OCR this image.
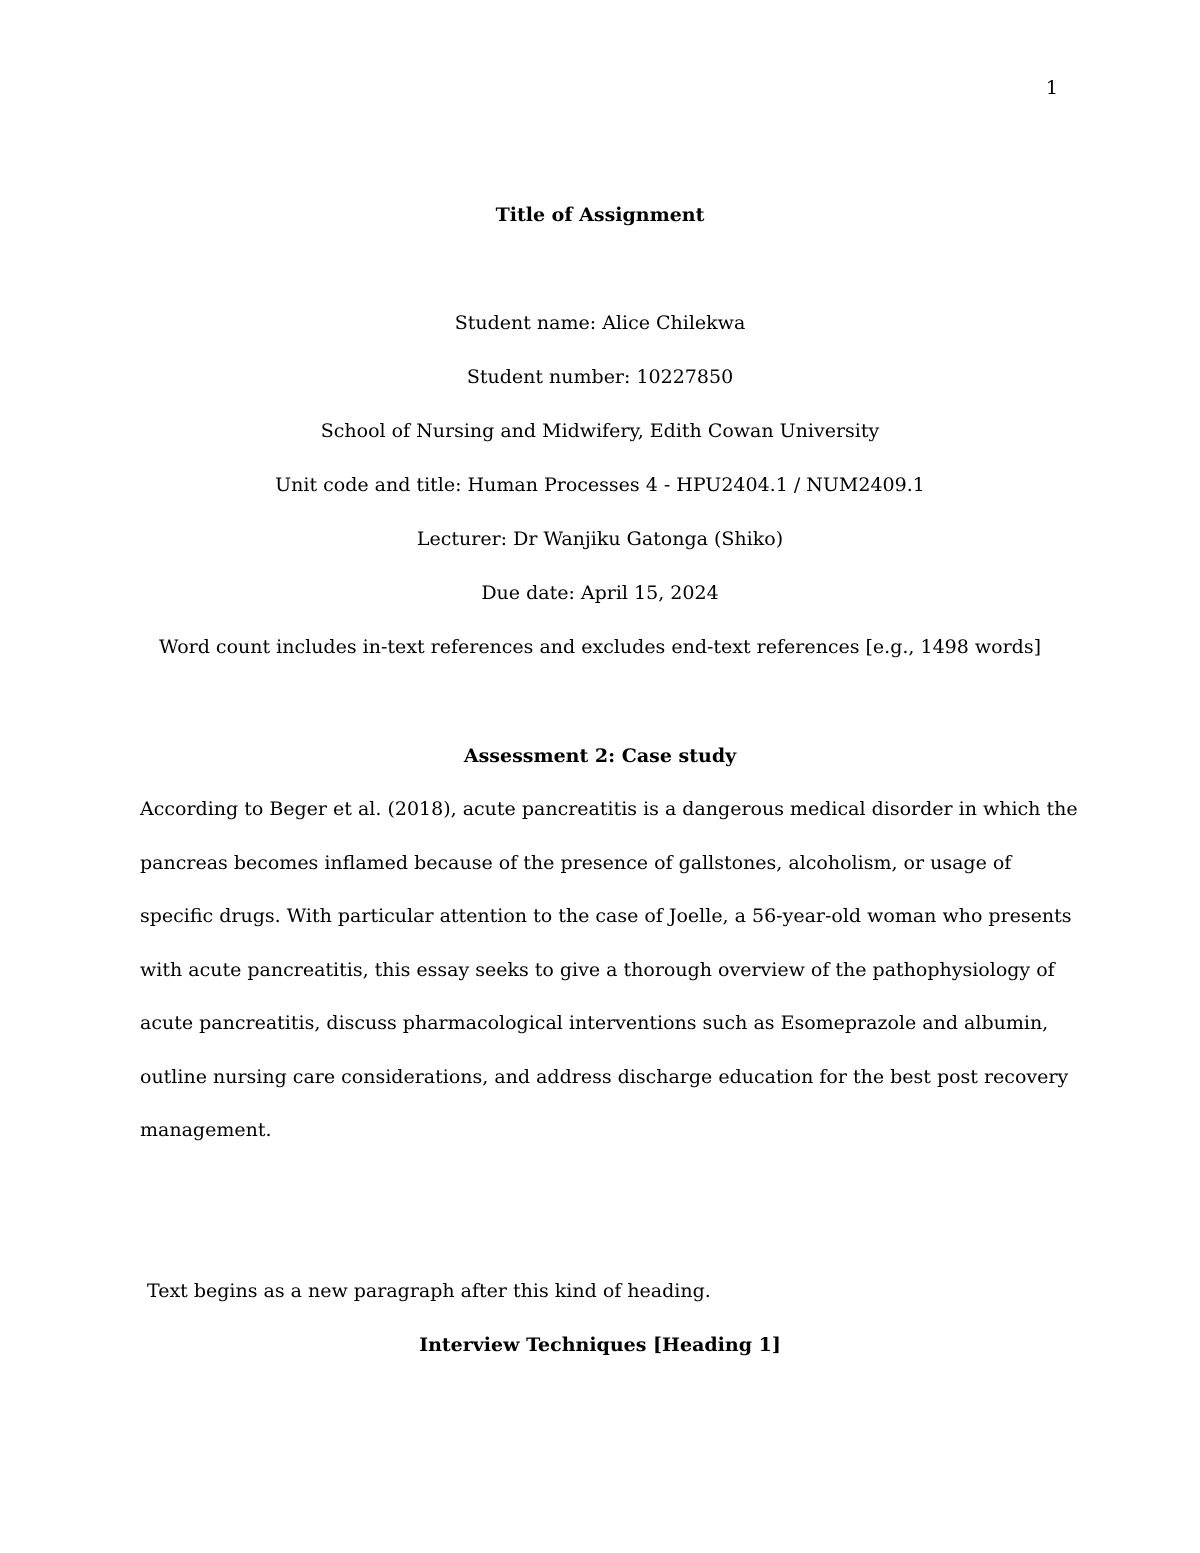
1
Title of Assignment
Student name: Alice Chilekwa
Student number: 10227850
School of Nursing and Midwifery, Edith Cowan University
Unit code and title: Human Processes 4 - HPU2404.1 / NUM2409.1
Lecturer: Dr Wanjiku Gatonga (Shiko)
Due date: April 15, 2024
Word count includes in-text references and excludes end-text references [e.g., 1498 words]
Assessment 2: Case study
According to Beger et al. (2018), acute pancreatitis is a dangerous medical disorder in which the
pancreas becomes inflamed because of the presence of gallstones, alcoholism, or usage of
specific drugs. With particular attention to the case of Joelle, a 56-year-old woman who presents
with acute pancreatitis, this essay seeks to give a thorough overview of the pathophysiology of
acute pancreatitis, discuss pharmacological interventions such as Esomeprazole and albumin,
outline nursing care considerations, and address discharge education for the best post recovery
management.
Text begins as a new paragraph after this kind of heading.
Interview Techniques [Heading 1]
